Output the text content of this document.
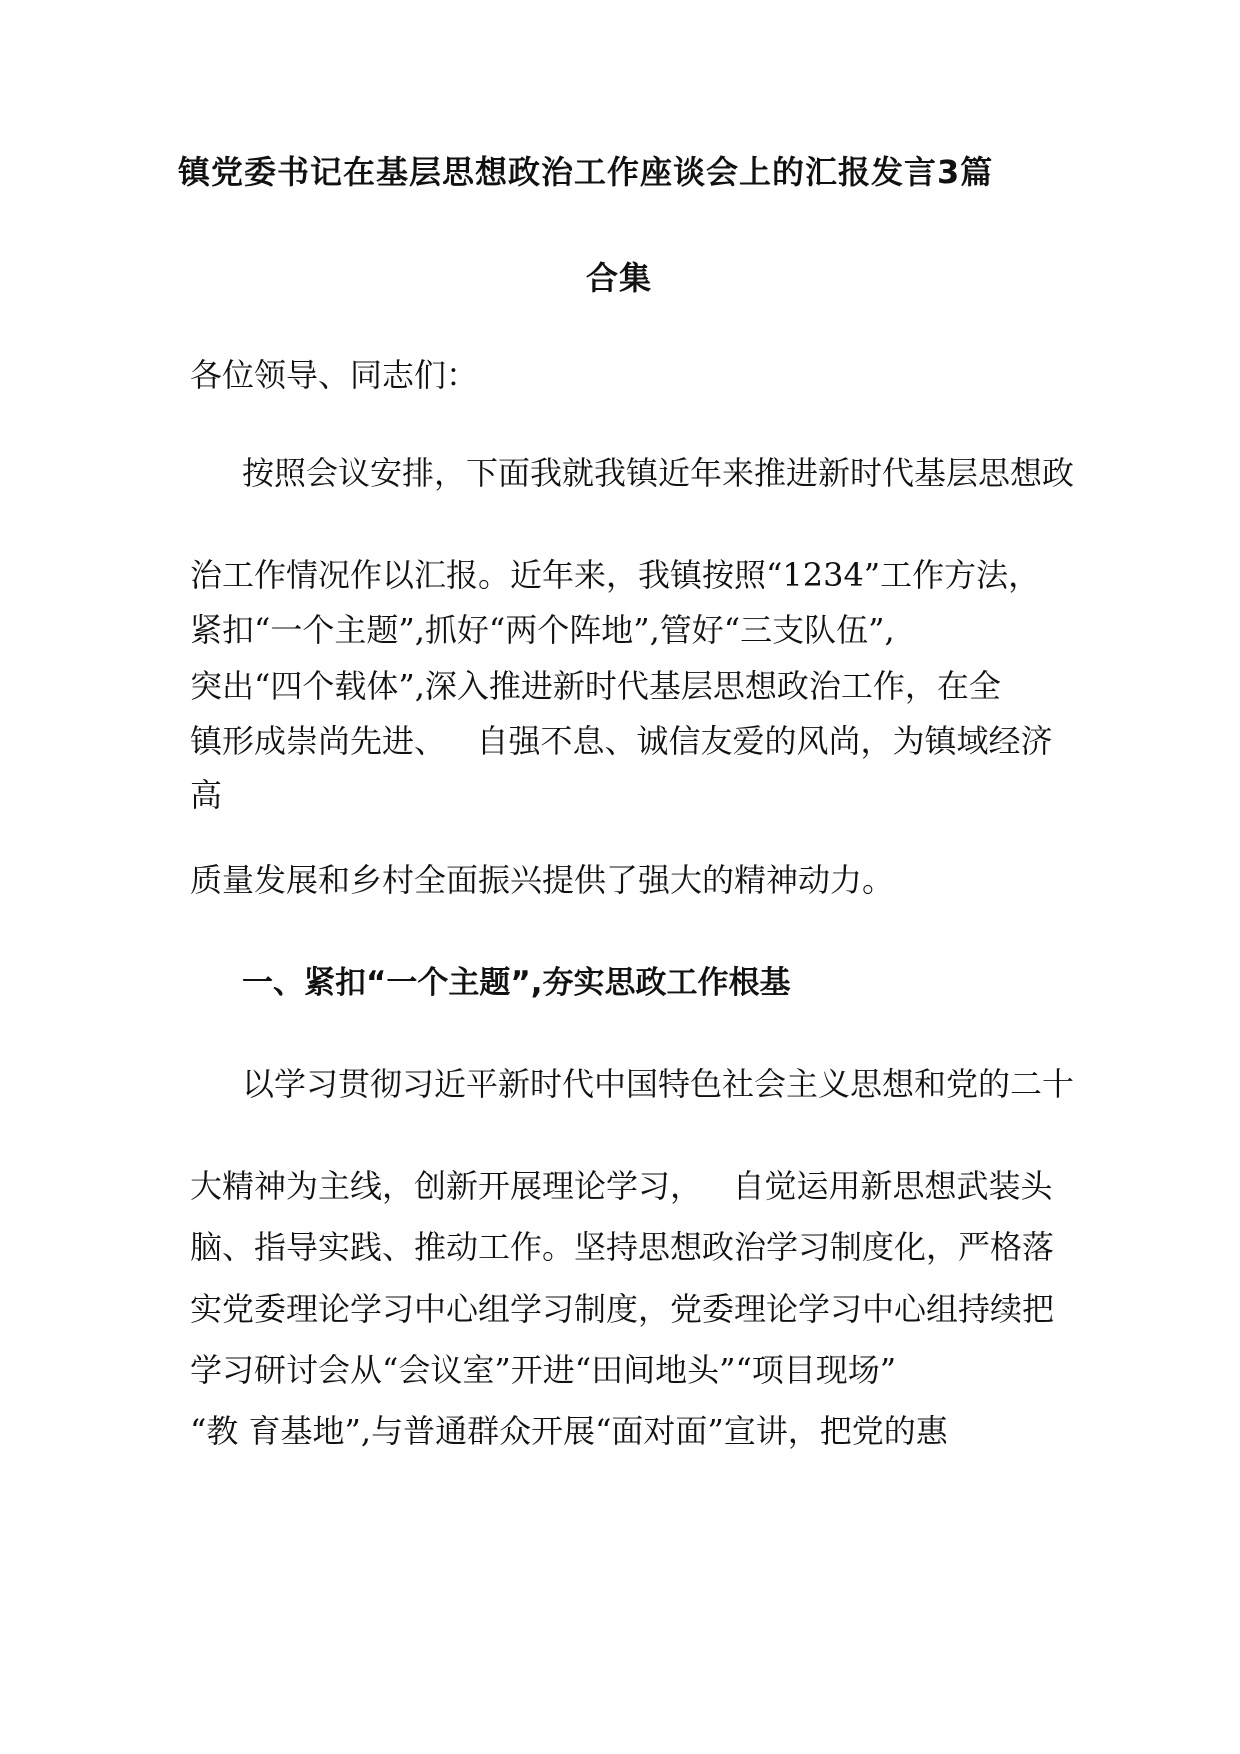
镇党委书记在基层思想政治工作座谈会上的汇报发言3篇
合集
各位领导、同志们：
按照会议安排，下面我就我镇近年来推进新时代基层思想政
治工作情况作以汇报。近年来，我镇按照“1234”工作方法，
紧扣“一个主题”,抓好“两个阵地”,管好“三支队伍”,
突出“四个载体”,深入推进新时代基层思想政治工作，在全
镇形成崇尚先进、   自强不息、诚信友爱的风尚，为镇域经济
高
质量发展和乡村全面振兴提供了强大的精神动力。
一、紧扣“一个主题”,夯实思政工作根基
以学习贯彻习近平新时代中国特色社会主义思想和党的二十
大精神为主线，创新开展理论学习，   自觉运用新思想武装头
脑、指导实践、推动工作。坚持思想政治学习制度化，严格落
实党委理论学习中心组学习制度，党委理论学习中心组持续把
学习研讨会从“会议室”开进“田间地头”“项目现场”
“教 育基地”,与普通群众开展“面对面”宣讲，把党的惠
